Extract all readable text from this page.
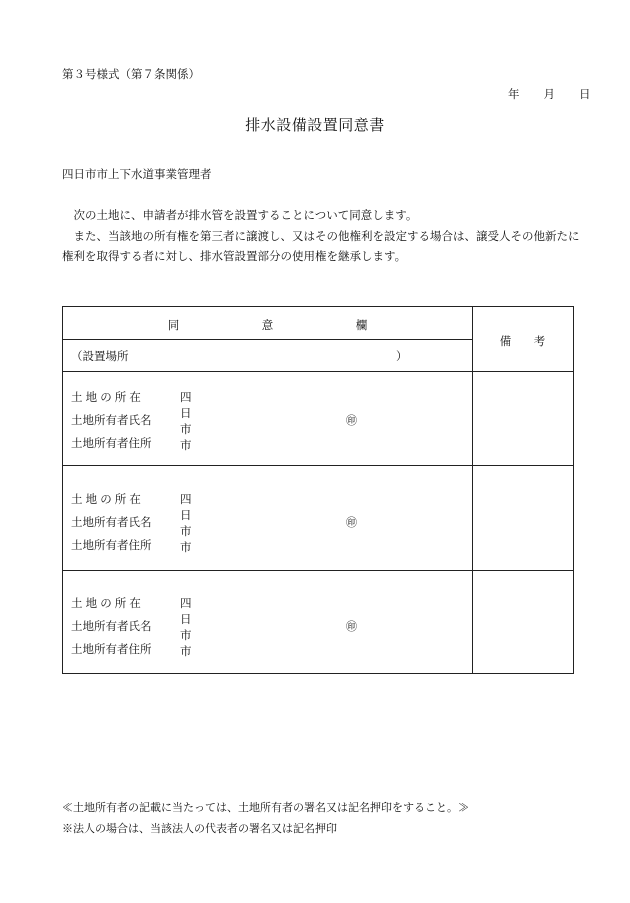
第３号様式（第７条関係）
年 月 日
排水設備設置同意書
四日市市上下水道事業管理者

次の土地に、申請者が排水管を設置することについて同意します。

また、当該地の所有権を第三者に譲渡し、又はその他権利を設定する場合は、譲受人その他新たに

権利を取得する者に対し、排水管設置部分の使用権を継承します。

同	意	欄
備 考
（設置場所	）
土 地 の 所 在	四日市市
土地所有者氏名	㊞
土地所有者住所
土 地 の 所 在	四日市市
土地所有者氏名	㊞
土地所有者住所
土 地 の 所 在	四日市市
土地所有者氏名	㊞
土地所有者住所
≪土地所有者の記載に当たっては、土地所有者の署名又は記名押印をすること。≫
※法人の場合は、当該法人の代表者の署名又は記名押印
